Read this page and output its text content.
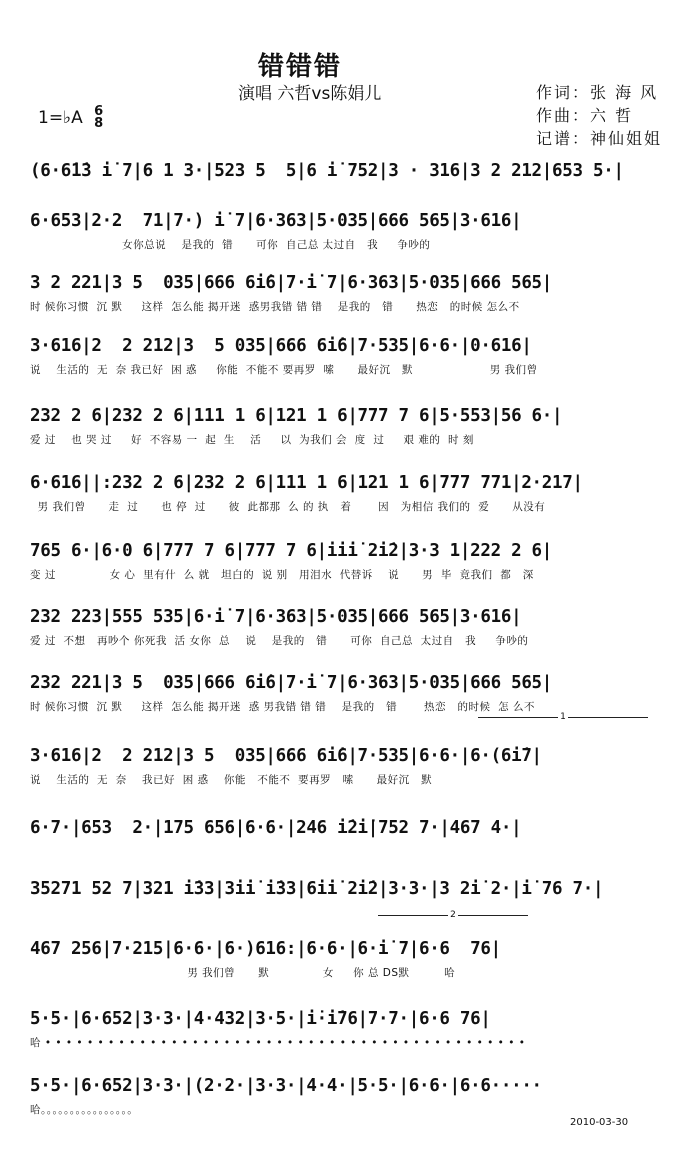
错错错
演唱 六哲vs陈娟儿	作词：张 海 风
作曲：六 哲
记谱：神仙姐姐
1=♭A 6
8
(6·6̇1̇3 i̇ 7|6 1 3·|523 5  5|6 i̇ 752|3 · 316|3 2 212|653 5·|
6·653|2·2  71|7·) i̇ 7|6·363|5·035|666 565|3·616|
女你总说    是我的  错      可你  自己总 太过自   我     争吵的
3 2 221|3 5  035|666 6i̇6|7·i̇ 7|6·363|5·035|666 565|
时 候你习惯  沉 默     这样  怎么能 揭开迷  惑男我错 错 错    是我的   错      热恋   的时候 怎么不
3·616|2  2 212|3  5 035|666 6i̇6|7·535|6·6·|0·616|
说    生活的  无  奈 我已好  困 惑     你能  不能不 要再罗  嗦      最好沉   默                    男 我们曾
232 2 6|232 2 6|111 1 6|121 1 6|777 7 6|5·553|56 6·|
爱 过    也 哭 过     好  不容易 一  起  生    活     以  为我们 会  度  过     艰 难的  时 刻
6·616||:232 2 6|232 2 6|111 1 6|121 1 6|777 771|2·217|
男 我们曾      走  过      也 停  过      彼  此都那  么 的 执   着       因   为相信 我们的  爱      从没有
765 6·|6·0 6|777 7 6|777 7 6|i̇i̇i̇ 2i̇2|3·3 1|222 2 6|
变 过              女 心  里有什  么 就   坦白的  说 别   用泪水  代替诉    说      男  毕  竟我们  都   深
232 223|555 535|6·i̇ 7|6·363|5·035|666 565|3·616|
爱 过  不想   再吵个 你死我  活 女你  总    说    是我的   错      可你  自己总  太过自   我     争吵的
232 221|3 5  035|666 6i̇6|7·i̇ 7|6·363|5·035|666 565|
时 候你习惯  沉 默     这样  怎么能 揭开迷  惑 男我错 错 错    是我的   错       热恋   的时候  怎 么不
3·616|2  2 212|3 5  035|666 6i̇6|7·535|6·6·|6·(6i̇7|
说    生活的  无  奈    我已好  困 惑    你能   不能不  要再罗   嗦      最好沉   默
6·7·|653  2·|175 656|6·6·|246 i̇2i̇|752 7·|467 4·|
35271 52 7|321 i̇33|3i̇i̇ i̇33|6i̇i̇ 2i̇2|3·3·|3 2i̇ 2·|i̇ 76 7·|
467 256|7·215|6·6·|6·)616:|6·6·|6·i̇ 7|6·6  76|
男 我们曾      默              女     你 总 DS默         哈
5·5·|6·652|3·3·|4·432|3·5·|i̇·i̇76|7·7·|6·6 76|
哈 • • • • • • • • • • • • • • • • • • • • • • • • • • • • • • • • • • • • • • • • • • • • • •
5·5·|6·652|3·3·|(2·2·|3·3·|4·4·|5·5·|6·6·|6·6·····
哈。。。。。。。。。。。。。。。。
1
2
2010-03-30
